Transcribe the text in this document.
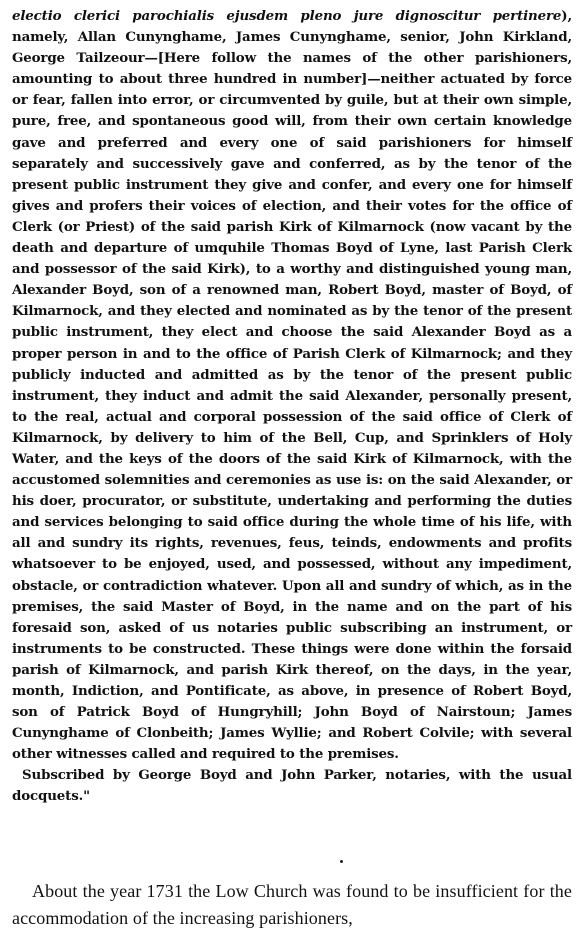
electio clerici parochialis ejusdem pleno jure dignoscitur pertinere), namely, Allan Cunynghame, James Cunynghame, senior, John Kirkland, George Tailzeour—[Here follow the names of the other parishioners, amounting to about three hundred in number]—neither actuated by force or fear, fallen into error, or circumvented by guile, but at their own simple, pure, free, and spontaneous good will, from their own certain knowledge gave and preferred and every one of said parishioners for himself separately and successively gave and conferred, as by the tenor of the present public instrument they give and confer, and every one for himself gives and profers their voices of election, and their votes for the office of Clerk (or Priest) of the said parish Kirk of Kilmarnock (now vacant by the death and departure of umquhile Thomas Boyd of Lyne, last Parish Clerk and possessor of the said Kirk), to a worthy and distinguished young man, Alexander Boyd, son of a renowned man, Robert Boyd, master of Boyd, of Kilmarnock, and they elected and nominated as by the tenor of the present public instrument, they elect and choose the said Alexander Boyd as a proper person in and to the office of Parish Clerk of Kilmarnock; and they publicly inducted and admitted as by the tenor of the present public instrument, they induct and admit the said Alexander, personally present, to the real, actual and corporal possession of the said office of Clerk of Kilmarnock, by delivery to him of the Bell, Cup, and Sprinklers of Holy Water, and the keys of the doors of the said Kirk of Kilmarnock, with the accustomed solemnities and ceremonies as use is: on the said Alexander, or his doer, procurator, or substitute, undertaking and performing the duties and services belonging to said office during the whole time of his life, with all and sundry its rights, revenues, feus, teinds, endowments and profits whatsoever to be enjoyed, used, and possessed, without any impediment, obstacle, or contradiction whatever. Upon all and sundry of which, as in the premises, the said Master of Boyd, in the name and on the part of his foresaid son, asked of us notaries public subscribing an instrument, or instruments to be constructed. These things were done within the forsaid parish of Kilmarnock, and parish Kirk thereof, on the days, in the year, month, Indiction, and Pontificate, as above, in presence of Robert Boyd, son of Patrick Boyd of Hungryhill; John Boyd of Nairstoun; James Cunynghame of Clonbeith; James Wyllie; and Robert Colvile; with several other witnesses called and required to the premises.

Subscribed by George Boyd and John Parker, notaries, with the usual docquets."

About the year 1731 the Low Church was found to be insufficient for the accommodation of the increasing parishioners,
